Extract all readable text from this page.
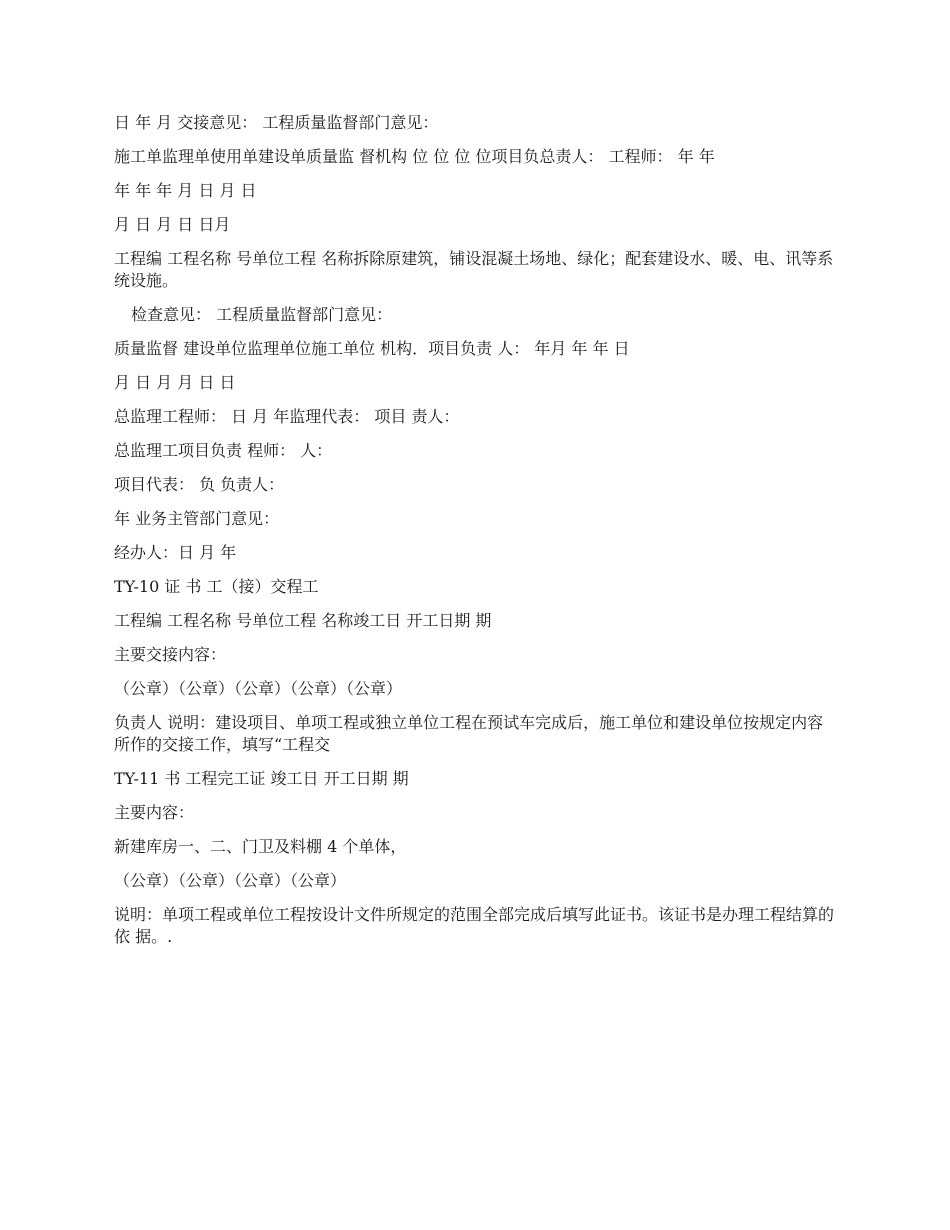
日 年 月 交接意见： 工程质量监督部门意见：

施工单监理单使用单建设单质量监 督机构 位 位 位 位项目负总责人： 工程师： 年 年

年 年 年 月 日 月 日

月 日 月 日 日月

工程编 工程名称 号单位工程 名称拆除原建筑，铺设混凝土场地、绿化；配套建设水、暖、电、讯等系统设施。

检查意见： 工程质量监督部门意见：

质量监督 建设单位监理单位施工单位 机构．项目负责 人： 年月 年 年 日

月 日 月 月 日 日

总监理工程师： 日 月 年监理代表： 项目 责人：

总监理工项目负责 程师： 人：

项目代表： 负 负责人：

年 业务主管部门意见：

经办人：日 月 年

TY-10 证 书 工（接）交程工

工程编 工程名称 号单位工程 名称竣工日 开工日期 期

主要交接内容：

（公章）（公章）（公章）（公章）（公章）

负责人 说明：建设项目、单项工程或独立单位工程在预试车完成后，施工单位和建设单位按规定内容所作的交接工作，填写“工程交

TY-11 书 工程完工证 竣工日 开工日期 期

主要内容：

新建库房一、二、门卫及料棚 4 个单体，

（公章）（公章）（公章）（公章）

说明：单项工程或单位工程按设计文件所规定的范围全部完成后填写此证书。该证书是办理工程结算的依 据。.
